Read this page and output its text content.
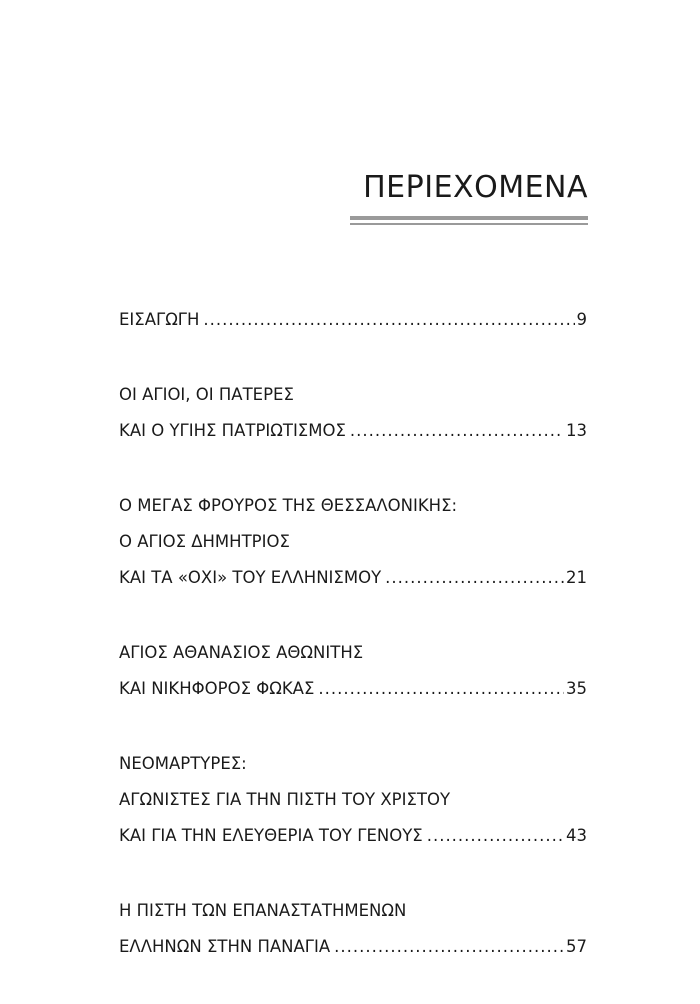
ΠΕΡΙΕΧΟΜΕΝΑ
ΕΙΣΑΓΩΓΗ .....	9
ΟΙ ΑΓΙΟΙ, ΟΙ ΠΑΤΕΡΕΣ
ΚΑΙ Ο ΥΓΙΗΣ ΠΑΤΡΙΩΤΙΣΜΟΣ .....	13
Ο ΜΕΓΑΣ ΦΡΟΥΡΟΣ ΤΗΣ ΘΕΣΣΑΛΟΝΙΚΗΣ:
Ο ΑΓΙΟΣ ΔΗΜΗΤΡΙΟΣ
ΚΑΙ ΤΑ «ΟΧΙ» ΤΟΥ ΕΛΛΗΝΙΣΜΟΥ .....	21
ΑΓΙΟΣ ΑΘΑΝΑΣΙΟΣ ΑΘΩΝΙΤΗΣ
ΚΑΙ ΝΙΚΗΦΟΡΟΣ ΦΩΚΑΣ .....	35
ΝΕΟΜΑΡΤΥΡΕΣ:
ΑΓΩΝΙΣΤΕΣ ΓΙΑ ΤΗΝ ΠΙΣΤΗ ΤΟΥ ΧΡΙΣΤΟΥ
ΚΑΙ ΓΙΑ ΤΗΝ ΕΛΕΥΘΕΡΙΑ ΤΟΥ ΓΕΝΟΥΣ .....	43
Η ΠΙΣΤΗ ΤΩΝ ΕΠΑΝΑΣΤΑΤΗΜΕΝΩΝ
ΕΛΛΗΝΩΝ ΣΤΗΝ ΠΑΝΑΓΙΑ .....	57
